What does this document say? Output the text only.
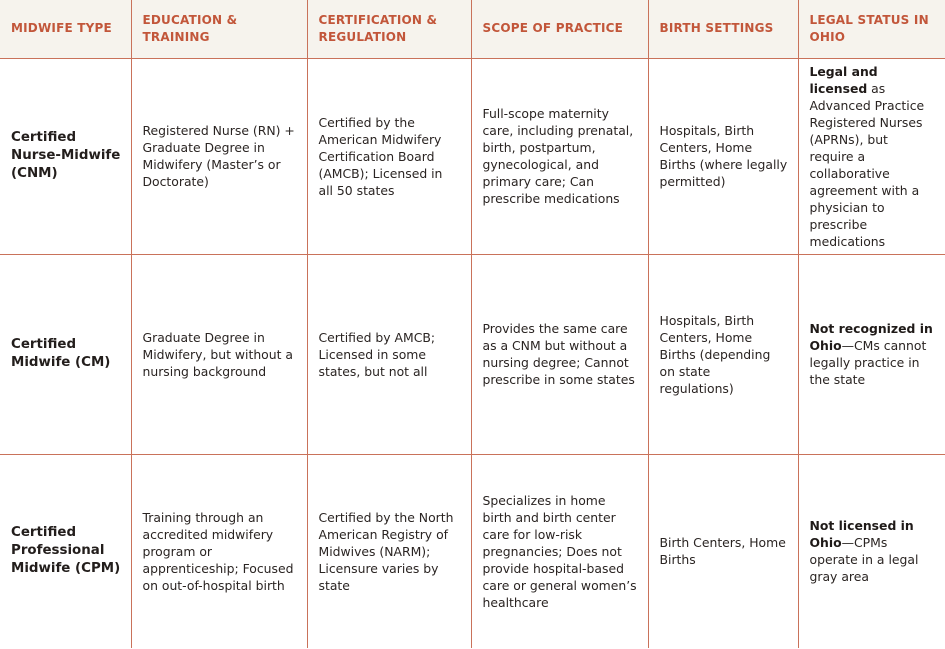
MIDWIFE TYPE	EDUCATION & TRAINING	CERTIFICATION & REGULATION	SCOPE OF PRACTICE	BIRTH SETTINGS	LEGAL STATUS IN OHIO
Certified Nurse-Midwife (CNM)	Registered Nurse (RN) + Graduate Degree in Midwifery (Master’s or Doctorate)	Certified by the American Midwifery Certification Board (AMCB); Licensed in all 50 states	Full-scope maternity care, including prenatal, birth, postpartum, gynecological, and primary care; Can prescribe medications	Hospitals, Birth Centers, Home Births (where legally permitted)	Legal and licensed as Advanced Practice Registered Nurses (APRNs), but require a collaborative agreement with a physician to prescribe medications
Certified Midwife (CM)	Graduate Degree in Midwifery, but without a nursing background	Certified by AMCB; Licensed in some states, but not all	Provides the same care as a CNM but without a nursing degree; Cannot prescribe in some states	Hospitals, Birth Centers, Home Births (depending on state regulations)	Not recognized in Ohio—CMs cannot legally practice in the state
Certified Professional Midwife (CPM)	Training through an accredited midwifery program or apprenticeship; Focused on out-of-hospital birth	Certified by the North American Registry of Midwives (NARM); Licensure varies by state	Specializes in home birth and birth center care for low-risk pregnancies; Does not provide hospital-based care or general women’s healthcare	Birth Centers, Home Births	Not licensed in Ohio—CPMs operate in a legal gray area
